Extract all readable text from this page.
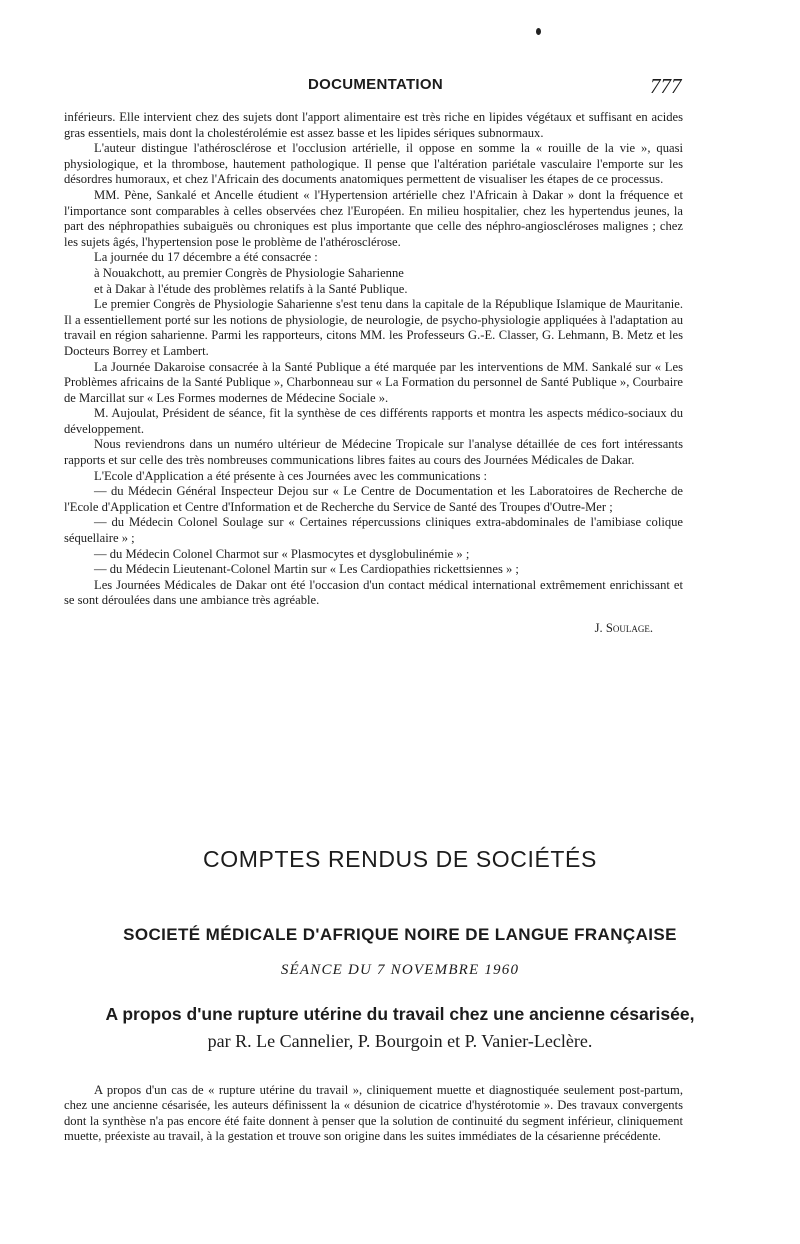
DOCUMENTATION	777

inférieurs. Elle intervient chez des sujets dont l'apport alimentaire est très riche en lipides végétaux et suffisant en acides gras essentiels, mais dont la cholestérolémie est assez basse et les lipides sériques subnormaux.

L'auteur distingue l'athérosclérose et l'occlusion artérielle, il oppose en somme la « rouille de la vie », quasi physiologique, et la thrombose, hautement pathologique. Il pense que l'altération pariétale vasculaire l'emporte sur les désordres humoraux, et chez l'Africain des documents anatomiques permettent de visualiser les étapes de ce processus.

MM. Pène, Sankalé et Ancelle étudient « l'Hypertension artérielle chez l'Africain à Dakar » dont la fréquence et l'importance sont comparables à celles observées chez l'Européen. En milieu hospitalier, chez les hypertendus jeunes, la part des néphropathies subaiguës ou chroniques est plus importante que celle des néphro-angioscléroses malignes ; chez les sujets âgés, l'hypertension pose le problème de l'athérosclérose.

La journée du 17 décembre a été consacrée :

à Nouakchott, au premier Congrès de Physiologie Saharienne

et à Dakar à l'étude des problèmes relatifs à la Santé Publique.

Le premier Congrès de Physiologie Saharienne s'est tenu dans la capitale de la République Islamique de Mauritanie. Il a essentiellement porté sur les notions de physiologie, de neurologie, de psycho-physiologie appliquées à l'adaptation au travail en région saharienne. Parmi les rapporteurs, citons MM. les Professeurs G.-E. Classer, G. Lehmann, B. Metz et les Docteurs Borrey et Lambert.

La Journée Dakaroise consacrée à la Santé Publique a été marquée par les interventions de MM. Sankalé sur « Les Problèmes africains de la Santé Publique », Charbonneau sur « La Formation du personnel de Santé Publique », Courbaire de Marcillat sur « Les Formes modernes de Médecine Sociale ».

M. Aujoulat, Président de séance, fit la synthèse de ces différents rapports et montra les aspects médico-sociaux du développement.

Nous reviendrons dans un numéro ultérieur de Médecine Tropicale sur l'analyse détaillée de ces fort intéressants rapports et sur celle des très nombreuses communications libres faites au cours des Journées Médicales de Dakar.

L'Ecole d'Application a été présente à ces Journées avec les communications :

— du Médecin Général Inspecteur Dejou sur « Le Centre de Documentation et les Laboratoires de Recherche de l'Ecole d'Application et Centre d'Information et de Recherche du Service de Santé des Troupes d'Outre-Mer ;

— du Médecin Colonel Soulage sur « Certaines répercussions cliniques extra-abdominales de l'amibiase colique séquellaire » ;

— du Médecin Colonel Charmot sur « Plasmocytes et dysglobulinémie » ;

— du Médecin Lieutenant-Colonel Martin sur « Les Cardiopathies rickettsiennes » ;

Les Journées Médicales de Dakar ont été l'occasion d'un contact médical international extrêmement enrichissant et se sont déroulées dans une ambiance très agréable.

J. Soulage.

COMPTES RENDUS DE SOCIÉTÉS
SOCIETÉ MÉDICALE D'AFRIQUE NOIRE DE LANGUE FRANÇAISE
SÉANCE DU 7 NOVEMBRE 1960
A propos d'une rupture utérine du travail chez une ancienne césarisée,
par R. Le Cannelier, P. Bourgoin et P. Vanier-Leclère.

A propos d'un cas de « rupture utérine du travail », cliniquement muette et diagnostiquée seulement post-partum, chez une ancienne césarisée, les auteurs définissent la « désunion de cicatrice d'hystérotomie ». Des travaux convergents dont la synthèse n'a pas encore été faite donnent à penser que la solution de continuité du segment inférieur, cliniquement muette, préexiste au travail, à la gestation et trouve son origine dans les suites immédiates de la césarienne précédente.
